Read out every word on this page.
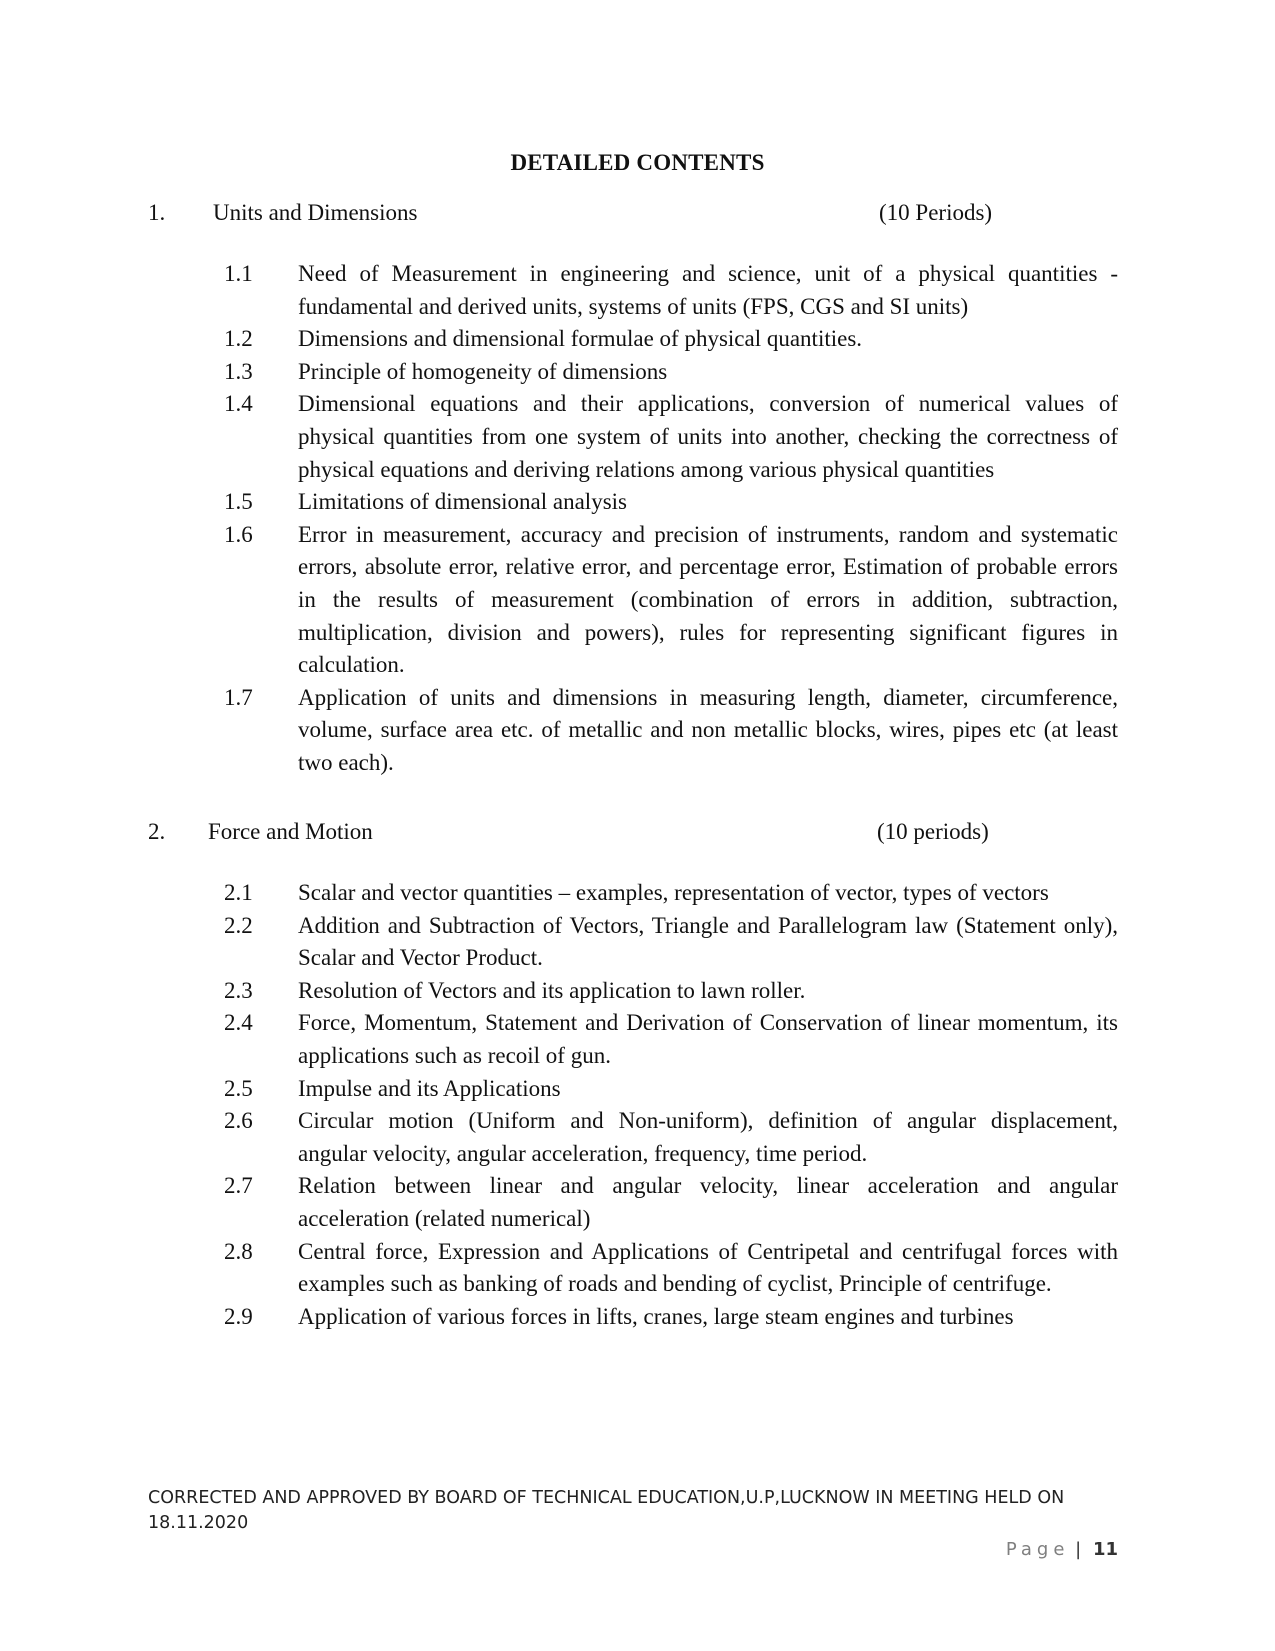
DETAILED CONTENTS
1. Units and Dimensions	(10 Periods)
1.1 Need of Measurement in engineering and science, unit of a physical quantities - fundamental and derived units, systems of units (FPS, CGS and SI units)
1.2 Dimensions and dimensional formulae of physical quantities.
1.3 Principle of homogeneity of dimensions
1.4 Dimensional equations and their applications, conversion of numerical values of physical quantities from one system of units into another, checking the correctness of physical equations and deriving relations among various physical quantities
1.5 Limitations of dimensional analysis
1.6 Error in measurement, accuracy and precision of instruments, random and systematic errors, absolute error, relative error, and percentage error, Estimation of probable errors in the results of measurement (combination of errors in addition, subtraction, multiplication, division and powers), rules for representing significant figures in calculation.
1.7 Application of units and dimensions in measuring length, diameter, circumference, volume, surface area etc. of metallic and non metallic blocks, wires, pipes etc (at least two each).
2. Force and Motion	(10 periods)
2.1 Scalar and vector quantities – examples, representation of vector, types of vectors
2.2 Addition and Subtraction of Vectors, Triangle and Parallelogram law (Statement only), Scalar and Vector Product.
2.3 Resolution of Vectors and its application to lawn roller.
2.4 Force, Momentum, Statement and Derivation of Conservation of linear momentum, its applications such as recoil of gun.
2.5 Impulse and its Applications
2.6 Circular motion (Uniform and Non-uniform), definition of angular displacement, angular velocity, angular acceleration, frequency, time period.
2.7 Relation between linear and angular velocity, linear acceleration and angular acceleration (related numerical)
2.8 Central force, Expression and Applications of Centripetal and centrifugal forces with examples such as banking of roads and bending of cyclist, Principle of centrifuge.
2.9 Application of various forces in lifts, cranes, large steam engines and turbines
CORRECTED AND APPROVED BY BOARD OF TECHNICAL EDUCATION,U.P,LUCKNOW IN MEETING HELD ON 18.11.2020
Page | 11
